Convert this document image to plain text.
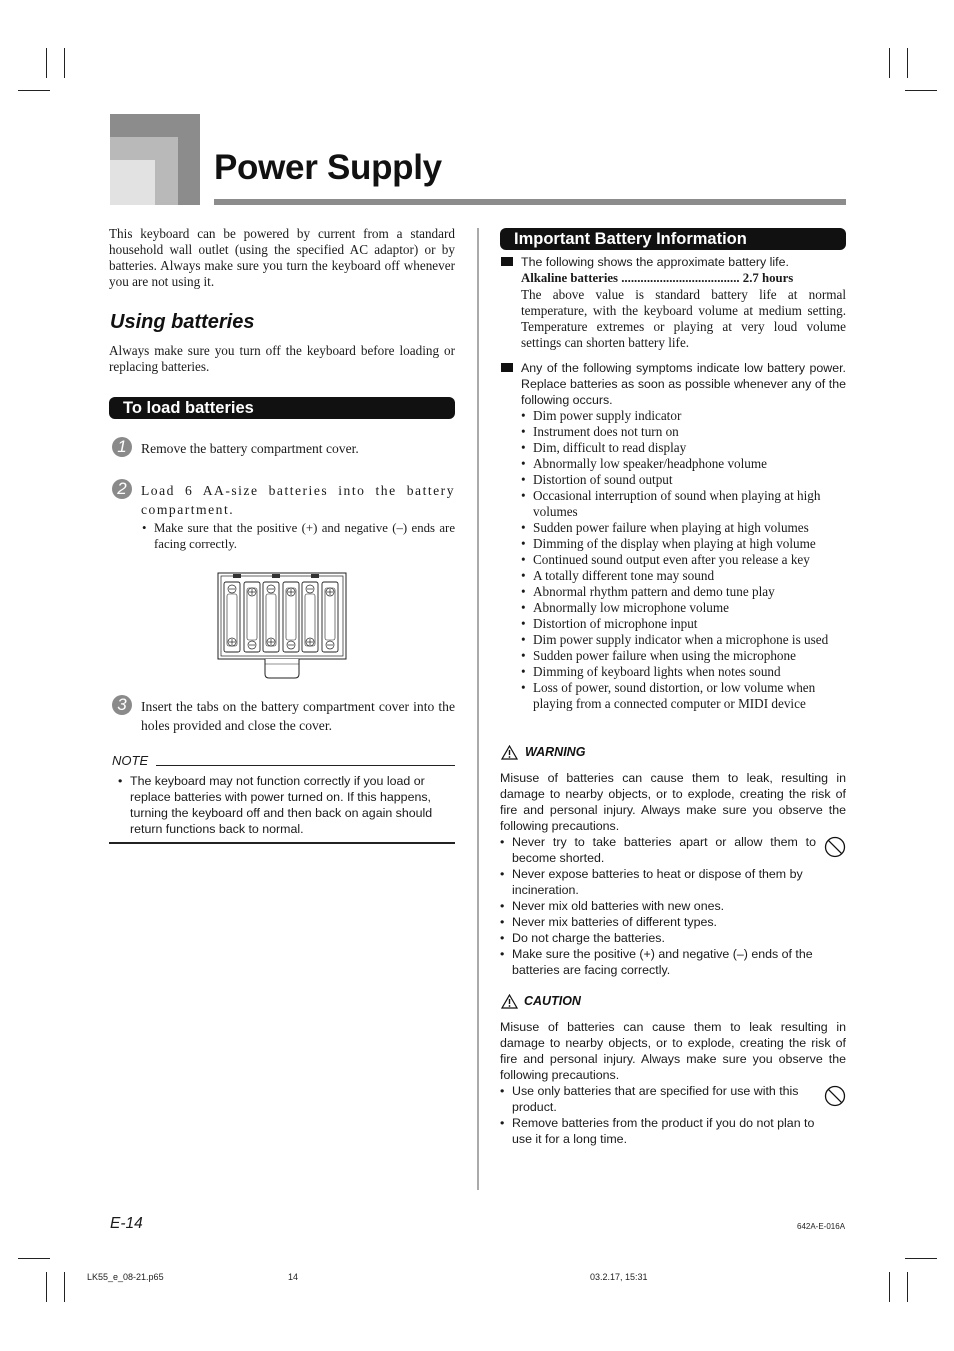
Power Supply

This keyboard can be powered by current from a standard household wall outlet (using the specified AC adaptor) or by batteries. Always make sure you turn the keyboard off whenever you are not using it.

Using batteries

Always make sure you turn off the keyboard before loading or replacing batteries.

To load batteries
1	Remove the battery compartment cover.

2	Load 6 AA-size batteries into the battery compartment.

• Make sure that the positive (+) and negative (–) ends are facing correctly.
3	Insert the tabs on the battery compartment cover into the holes provided and close the cover.

NOTE
• The keyboard may not function correctly if you load or replace batteries with power turned on. If this happens, turning the keyboard off and then back on again should return functions back to normal.
Important Battery Information

The following shows the approximate battery life.

Alkaline batteries ..................................... 2.7 hours

The above value is standard battery life at normal temperature, with the keyboard volume at medium setting. Temperature extremes or playing at very loud volume settings can shorten battery life.

Any of the following symptoms indicate low battery power. Replace batteries as soon as possible whenever any of the following occurs.

• Dim power supply indicator
• Instrument does not turn on
• Dim, difficult to read display
• Abnormally low speaker/headphone volume
• Distortion of sound output
• Occasional interruption of sound when playing at high volumes
• Sudden power failure when playing at high volumes
• Dimming of the display when playing at high volume
• Continued sound output even after you release a key
• A totally different tone may sound
• Abnormal rhythm pattern and demo tune play
• Abnormally low microphone volume
• Distortion of microphone input
• Dim power supply indicator when a microphone is used
• Sudden power failure when using the microphone
• Dimming of keyboard lights when notes sound
• Loss of power, sound distortion, or low volume when playing from a connected computer or MIDI device
WARNING

Misuse of batteries can cause them to leak, resulting in damage to nearby objects, or to explode, creating the risk of fire and personal injury. Always make sure you observe the following precautions.

• Never try to take batteries apart or allow them to become shorted.
• Never expose batteries to heat or dispose of them by incineration.
• Never mix old batteries with new ones.
• Never mix batteries of different types.
• Do not charge the batteries.
• Make sure the positive (+) and negative (–) ends of the batteries are facing correctly.
CAUTION

Misuse of batteries can cause them to leak resulting in damage to nearby objects, or to explode, creating the risk of fire and personal injury. Always make sure you observe the following precautions.

• Use only batteries that are specified for use with this product.
• Remove batteries from the product if you do not plan to use it for a long time.
E-14	642A-E-016A
LK55_e_08-21.p65	14	03.2.17, 15:31
